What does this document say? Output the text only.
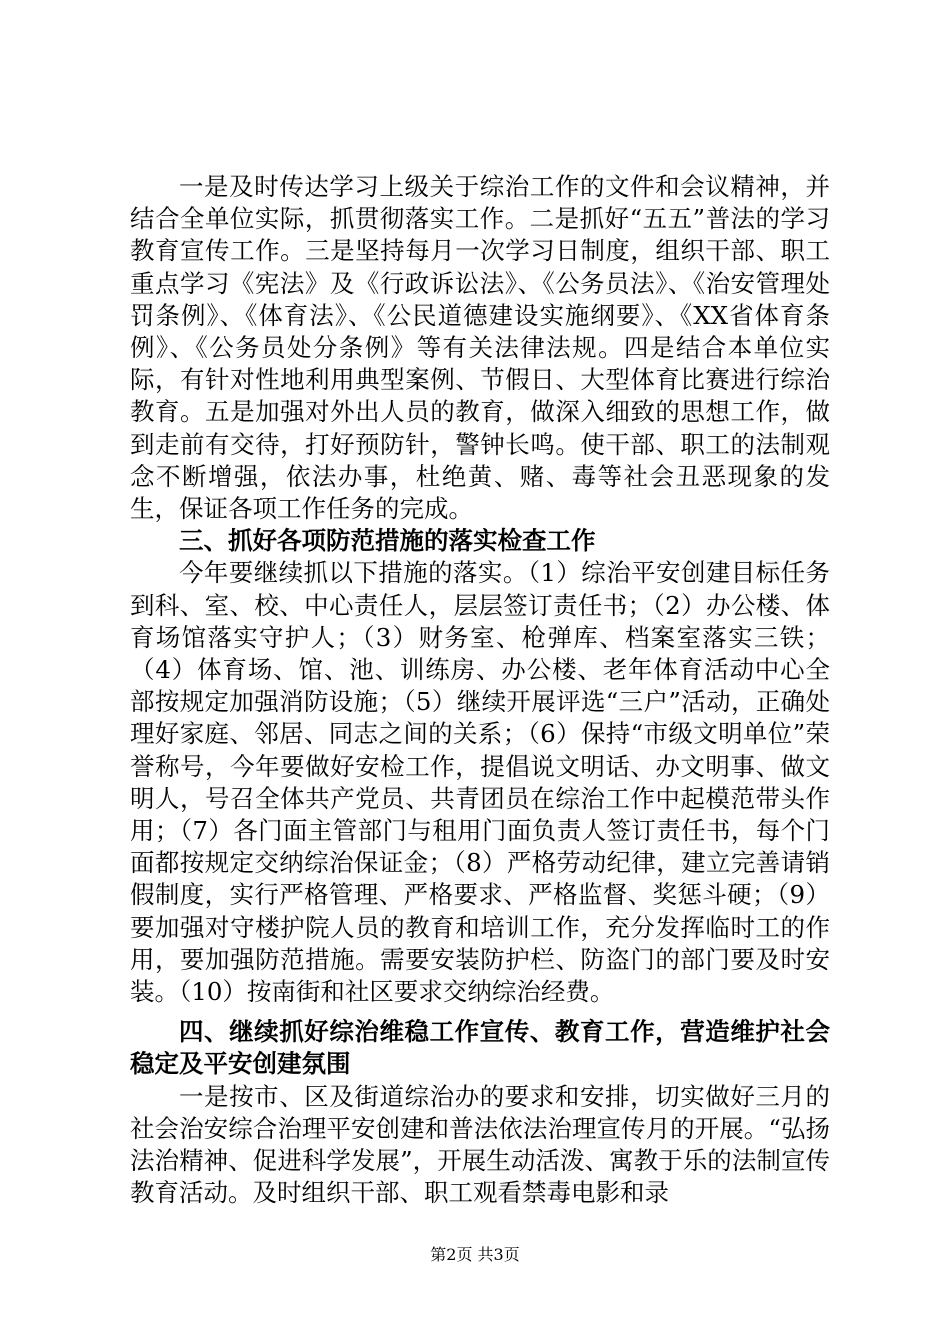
一是及时传达学习上级关于综治工作的文件和会议精神，并结合全单位实际，抓贯彻落实工作。二是抓好“五五”普法的学习教育宣传工作。三是坚持每月一次学习日制度，组织干部、职工重点学习《宪法》及《行政诉讼法》、《公务员法》、《治安管理处罚条例》、《体育法》、《公民道德建设实施纲要》、《XX省体育条例》、《公务员处分条例》等有关法律法规。四是结合本单位实际，有针对性地利用典型案例、节假日、大型体育比赛进行综治教育。五是加强对外出人员的教育，做深入细致的思想工作，做到走前有交待，打好预防针，警钟长鸣。使干部、职工的法制观念不断增强，依法办事，杜绝黄、赌、毒等社会丑恶现象的发生，保证各项工作任务的完成。

三、抓好各项防范措施的落实检查工作

今年要继续抓以下措施的落实。（1）综治平安创建目标任务到科、室、校、中心责任人，层层签订责任书；（2）办公楼、体育场馆落实守护人；（3）财务室、枪弹库、档案室落实三铁；（4）体育场、馆、池、训练房、办公楼、老年体育活动中心全部按规定加强消防设施；（5）继续开展评选“三户”活动，正确处理好家庭、邻居、同志之间的关系；（6）保持“市级文明单位”荣誉称号，今年要做好安检工作，提倡说文明话、办文明事、做文明人，号召全体共产党员、共青团员在综治工作中起模范带头作用；（7）各门面主管部门与租用门面负责人签订责任书，每个门面都按规定交纳综治保证金；（8）严格劳动纪律，建立完善请销假制度，实行严格管理、严格要求、严格监督、奖惩斗硬；（9）要加强对守楼护院人员的教育和培训工作，充分发挥临时工的作用，要加强防范措施。需要安装防护栏、防盗门的部门要及时安装。（10）按南街和社区要求交纳综治经费。

四、继续抓好综治维稳工作宣传、教育工作，营造维护社会稳定及平安创建氛围

一是按市、区及街道综治办的要求和安排，切实做好三月的社会治安综合治理平安创建和普法依法治理宣传月的开展。“弘扬法治精神、促进科学发展”，开展生动活泼、寓教于乐的法制宣传教育活动。及时组织干部、职工观看禁毒电影和录

第2页 共3页
